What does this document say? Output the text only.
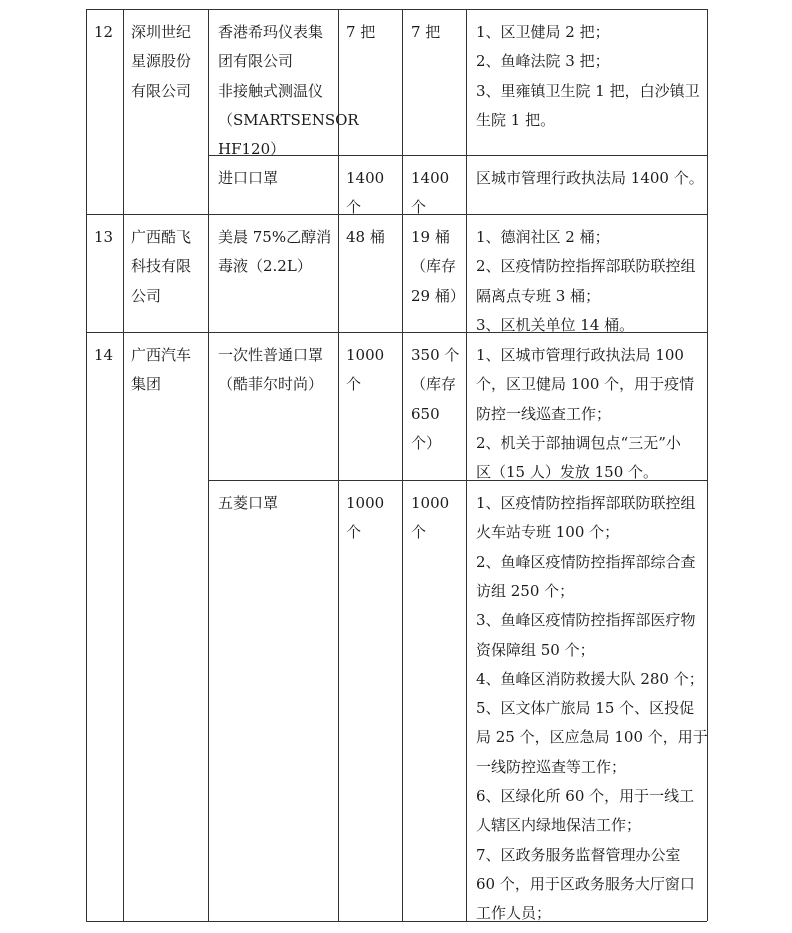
12 深圳世纪
星源股份
有限公司
香港希玛仪表集
团有限公司
非接触式测温仪
（SMARTSENSOR
HF120）
7 把 7 把 1、区卫健局 2 把；
2、鱼峰法院 3 把；
3、里雍镇卫生院 1 把，白沙镇卫
生院 1 把。
进口口罩	1400
个
1400
个
区城市管理行政执法局 1400 个。
13 广西酷飞
科技有限
公司
美晨 75%乙醇消
毒液（2.2L）
48 桶 19 桶
（库存
29 桶）
1、德润社区 2 桶；
2、区疫情防控指挥部联防联控组
隔离点专班 3 桶；
3、区机关单位 14 桶。
14 广西汽车
集团
一次性普通口罩
（酷菲尔时尚）
1000
个
350 个
（库存
650
个）
1、区城市管理行政执法局 100
个，区卫健局 100 个，用于疫情
防控一线巡查工作；
2、机关于部抽调包点“三无”小
区（15 人）发放 150 个。
五菱口罩	1000
个
1000
个
1、区疫情防控指挥部联防联控组
火车站专班 100 个；
2、鱼峰区疫情防控指挥部综合查
访组 250 个；
3、鱼峰区疫情防控指挥部医疗物
资保障组 50 个；
4、鱼峰区消防救援大队 280 个；
5、区文体广旅局 15 个、区投促
局 25 个，区应急局 100 个，用于
一线防控巡查等工作；
6、区绿化所 60 个，用于一线工
人辖区内绿地保洁工作；
7、区政务服务监督管理办公室
60 个，用于区政务服务大厅窗口
工作人员；
